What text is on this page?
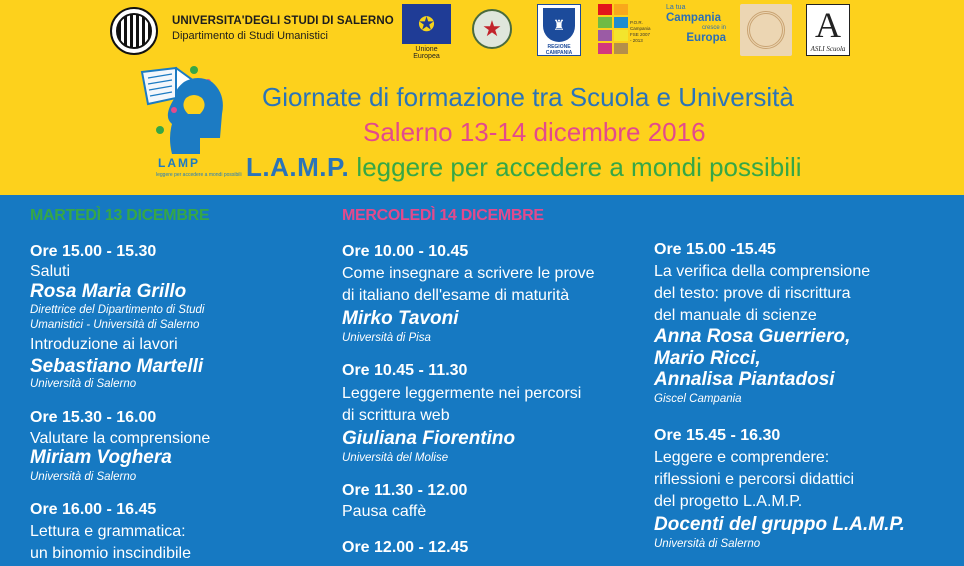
UNIVERSITA'DEGLI STUDI DI SALERNO
Dipartimento di Studi Umanistici
✪
Unione Europea
★	♜
REGIONE CAMPANIA
P.O.R.
Campania
FSE 2007 - 2013
La tua
Campania
cresce in
Europa A
ASLI Scuola
LAMP
leggere per accedere a mondi possibili
Giornate di formazione tra Scuola e Università
Salerno 13-14 dicembre 2016
L.A.M.P. leggere per accedere a mondi possibili
MARTEDÌ 13 DICEMBRE
Ore 15.00 - 15.30
Saluti
Rosa Maria Grillo
Direttrice del Dipartimento di Studi
Umanistici - Università di Salerno
Introduzione ai lavori
Sebastiano Martelli
Università di Salerno
Ore 15.30 - 16.00
Valutare la comprensione
Miriam Voghera
Università di Salerno
Ore 16.00 - 16.45
Lettura e grammatica:
un binomio inscindibile
MERCOLEDÌ 14 DICEMBRE
Ore 10.00 - 10.45
Come insegnare a scrivere le prove
di italiano dell'esame di maturità
Mirko Tavoni
Università di Pisa
Ore 10.45 - 11.30
Leggere leggermente nei percorsi
di scrittura web
Giuliana Fiorentino
Università del Molise
Ore 11.30 - 12.00
Pausa caffè
Ore 12.00 - 12.45
Ore 15.00 -15.45
La verifica della comprensione
del testo: prove di riscrittura
del manuale di scienze
Anna Rosa Guerriero,
Mario Ricci,
Annalisa Piantadosi
Giscel Campania
Ore 15.45 - 16.30
Leggere e comprendere:
riflessioni e percorsi didattici
del progetto L.A.M.P.
Docenti del gruppo L.A.M.P.
Università di Salerno
